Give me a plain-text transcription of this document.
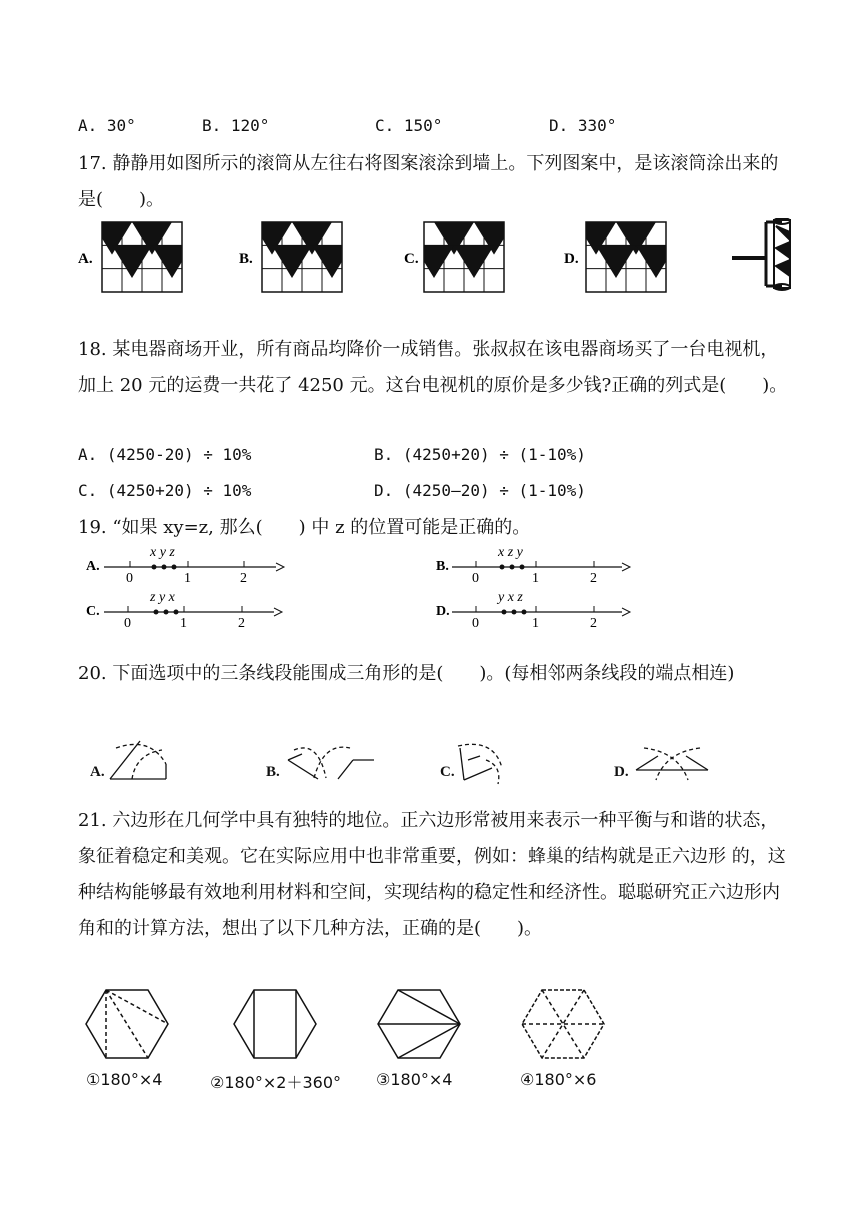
A. 30°	B. 120°	C. 150°	D. 330°
17. 静静用如图所示的滚筒从左往右将图案滚涂到墙上。下列图案中，是该滚筒涂出来的是(　　)。
A.	B.	C.	D.
18. 某电器商场开业，所有商品均降价一成销售。张叔叔在该电器商场买了一台电视机，加上 20 元的运费一共花了 4250 元。这台电视机的原价是多少钱?正确的列式是(　　)。
A. (4250-20) ÷ 10%	B. (4250+20) ÷ (1-10%)
C. (4250+20) ÷ 10%	D. (4250—20) ÷ (1-10%)
19. “如果 xy=z, 那么(　　) 中 z 的位置可能是正确的。
A.
0	1	2
x y z
B.
0	1	2
x z y
C.
0	1	2
z y x
D.
0	1	2
y x z
20. 下面选项中的三条线段能围成三角形的是(　　)。(每相邻两条线段的端点相连)
A.	B.	C.	D.
21. 六边形在几何学中具有独特的地位。正六边形常被用来表示一种平衡与和谐的状态，象征着稳定和美观。它在实际应用中也非常重要，例如：蜂巢的结构就是正六边形 的，这种结构能够最有效地利用材料和空间，实现结构的稳定性和经济性。聪聪研究正六边形内角和的计算方法，想出了以下几种方法，正确的是(　　)。
①180°×4	②180°×2＋360° ③180°×4	④180°×6
